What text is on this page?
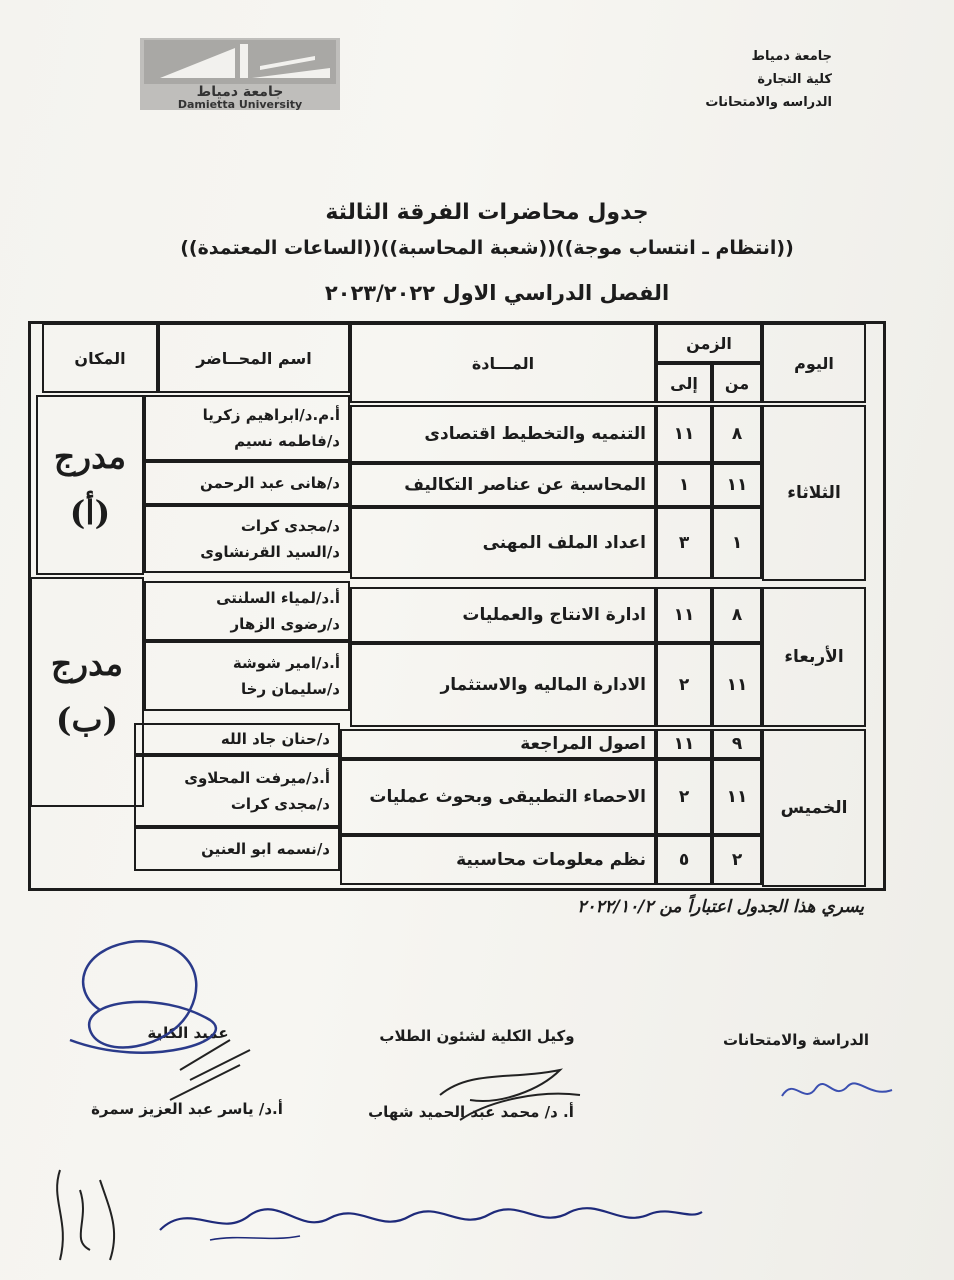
جامعة دمياط
Damietta University
جامعة دمياط
كلية التجارة
الدراسه والامتحانات
جدول محاضرات الفرقة الثالثة
((انتظام ـ انتساب موجة))((شعبة المحاسبة))((الساعات المعتمدة))
الفصل الدراسي الاول ٢٠٢٣/٢٠٢٢
اليوم
الزمن
من
إلى
المـــادة
اسم المحــاضر
المكان
الثلاثاء
الأربعاء
الخميس
٨
١١
التنميه والتخطيط اقتصادى
أ.م.د/ابراهيم زكريا
د/فاطمه نسيم
١١
١
المحاسبة عن عناصر التكاليف
د/هانى عبد الرحمن
١
٣
اعداد الملف المهنى
د/مجدى كرات
د/السيد القرنشاوى
مدرج
(أ)
٨
١١
ادارة الانتاج والعمليات
أ.د/لمياء السلنتى
د/رضوى الزهار
١١
٢
الادارة الماليه والاستثمار
أ.د/امير شوشة
د/سليمان رخا
٩
١١
اصول المراجعة
د/حنان جاد الله
١١
٢
الاحصاء التطبيقى وبحوث عمليات
أ.د/ميرفت المحلاوى
د/مجدى كرات
٢
٥
نظم معلومات محاسبية
د/نسمه ابو العنين
مدرج
(ب)
يسري هذا الجدول اعتباراً من ٢٠٢٢/١٠/٢
الدراسة والامتحانات
وكيل الكلية لشئون الطلاب
أ. د/ محمد عبد الحميد شهاب
عميد الكلية
أ.د/ ياسر عبد العزيز سمرة
